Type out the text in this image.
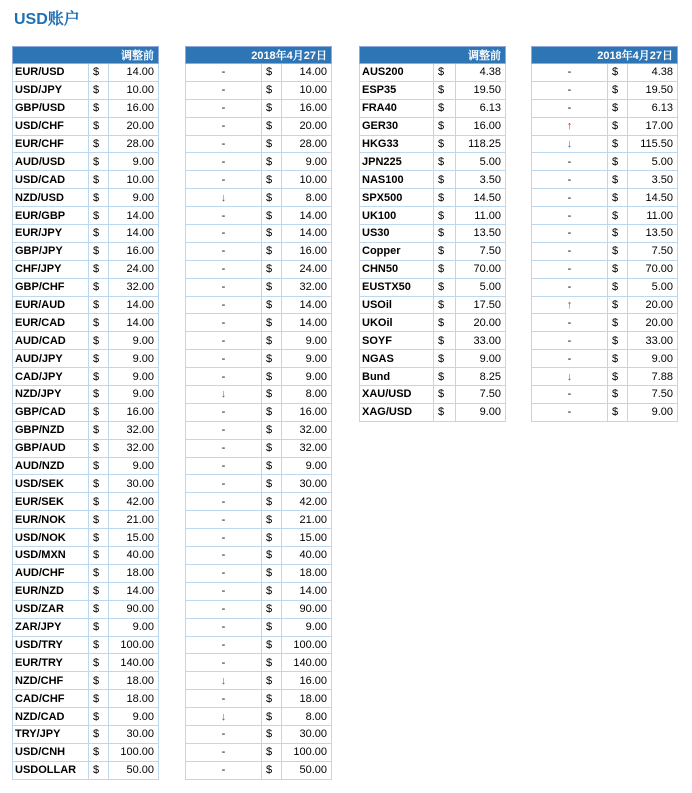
USD账户
调整前		
EUR/USD	$	14.00
USD/JPY	$	10.00
GBP/USD	$	16.00
USD/CHF	$	20.00
EUR/CHF	$	28.00
AUD/USD	$	9.00
USD/CAD	$	10.00
NZD/USD	$	9.00
EUR/GBP	$	14.00
EUR/JPY	$	14.00
GBP/JPY	$	16.00
CHF/JPY	$	24.00
GBP/CHF	$	32.00
EUR/AUD	$	14.00
EUR/CAD	$	14.00
AUD/CAD	$	9.00
AUD/JPY	$	9.00
CAD/JPY	$	9.00
NZD/JPY	$	9.00
GBP/CAD	$	16.00
GBP/NZD	$	32.00
GBP/AUD	$	32.00
AUD/NZD	$	9.00
USD/SEK	$	30.00
EUR/SEK	$	42.00
EUR/NOK	$	21.00
USD/NOK	$	15.00
USD/MXN	$	40.00
AUD/CHF	$	18.00
EUR/NZD	$	14.00
USD/ZAR	$	90.00
ZAR/JPY	$	9.00
USD/TRY	$	100.00
EUR/TRY	$	140.00
NZD/CHF	$	18.00
CAD/CHF	$	18.00
NZD/CAD	$	9.00
TRY/JPY	$	30.00
USD/CNH	$	100.00
USDOLLAR	$	50.00
2018年4月27日		
-	$	14.00
-	$	10.00
-	$	16.00
-	$	20.00
-	$	28.00
-	$	9.00
-	$	10.00
↓	$	8.00
-	$	14.00
-	$	14.00
-	$	16.00
-	$	24.00
-	$	32.00
-	$	14.00
-	$	14.00
-	$	9.00
-	$	9.00
-	$	9.00
↓	$	8.00
-	$	16.00
-	$	32.00
-	$	32.00
-	$	9.00
-	$	30.00
-	$	42.00
-	$	21.00
-	$	15.00
-	$	40.00
-	$	18.00
-	$	14.00
-	$	90.00
-	$	9.00
-	$	100.00
-	$	140.00
↓	$	16.00
-	$	18.00
↓	$	8.00
-	$	30.00
-	$	100.00
-	$	50.00
调整前		
AUS200	$	4.38
ESP35	$	19.50
FRA40	$	6.13
GER30	$	16.00
HKG33	$	118.25
JPN225	$	5.00
NAS100	$	3.50
SPX500	$	14.50
UK100	$	11.00
US30	$	13.50
Copper	$	7.50
CHN50	$	70.00
EUSTX50	$	5.00
USOil	$	17.50
UKOil	$	20.00
SOYF	$	33.00
NGAS	$	9.00
Bund	$	8.25
XAU/USD	$	7.50
XAG/USD	$	9.00
2018年4月27日		
-	$	4.38
-	$	19.50
-	$	6.13
↑	$	17.00
↓	$	115.50
-	$	5.00
-	$	3.50
-	$	14.50
-	$	11.00
-	$	13.50
-	$	7.50
-	$	70.00
-	$	5.00
↑	$	20.00
-	$	20.00
-	$	33.00
-	$	9.00
↓	$	7.88
-	$	7.50
-	$	9.00
